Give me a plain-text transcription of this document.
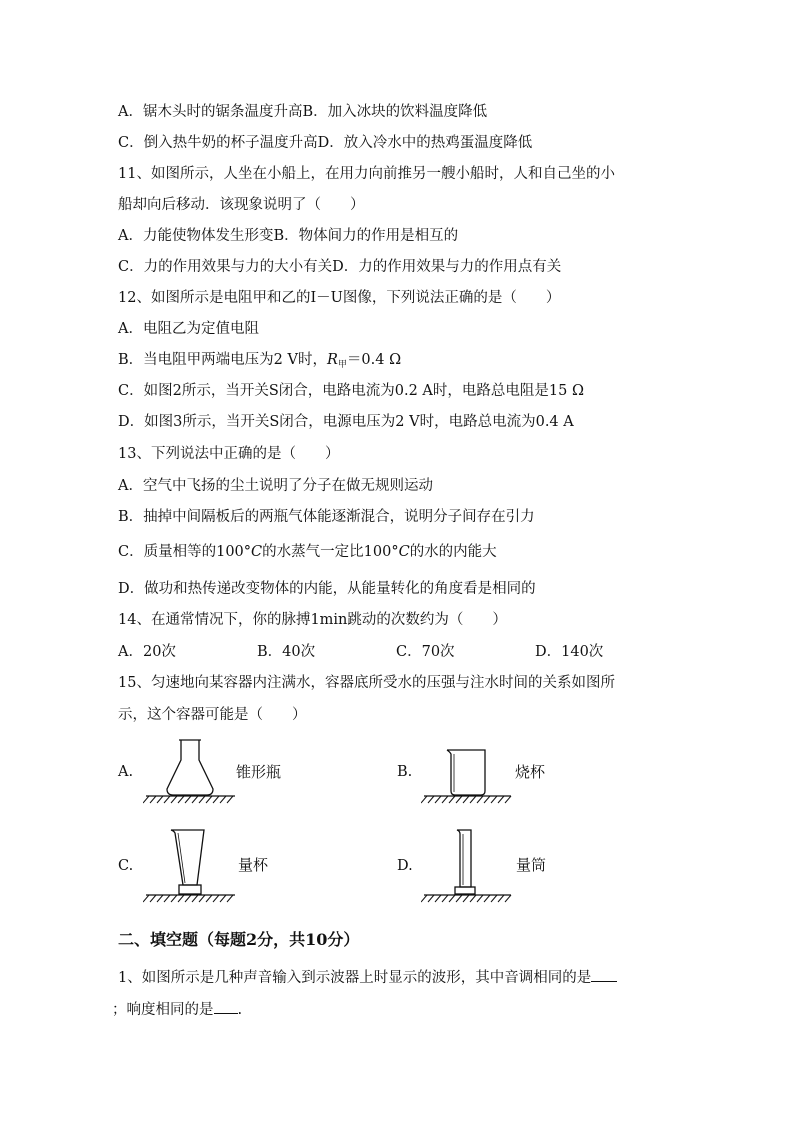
A．锯木头时的锯条温度升高B．加入冰块的饮料温度降低
C．倒入热牛奶的杯子温度升高D．放入冷水中的热鸡蛋温度降低
11、如图所示，人坐在小船上，在用力向前推另一艘小船时，人和自己坐的小
船却向后移动．该现象说明了（　　）
A．力能使物体发生形变B．物体间力的作用是相互的
C．力的作用效果与力的大小有关D．力的作用效果与力的作用点有关
12、如图所示是电阻甲和乙的I－U图像，下列说法正确的是（　　）
A．电阻乙为定值电阻
B．当电阻甲两端电压为2 V时，$R_甲=0.4$ Ω
C．如图2所示，当开关S闭合，电路电流为0.2 A时，电路总电阻是15 Ω
D．如图3所示，当开关S闭合，电源电压为2 V时，电路总电流为0.4 A
13、下列说法中正确的是（　　）
A．空气中飞扬的尘土说明了分子在做无规则运动
B．抽掉中间隔板后的两瓶气体能逐渐混合，说明分子间存在引力
C．质量相等的100°C的水蒸气一定比100°C的水的内能大
D．做功和热传递改变物体的内能，从能量转化的角度看是相同的
14、在通常情况下，你的脉搏1min跳动的次数约为（　　）
A．20次	B．40次	C．70次	D．140次
15、匀速地向某容器内注满水，容器底所受水的压强与注水时间的关系如图所
示，这个容器可能是（　　）
A.	锥形瓶	B.	烧杯
C.	量杯	D.	量筒
二、填空题（每题2分，共10分）
1、如图所示是几种声音输入到示波器上时显示的波形，其中音调相同的是
；响度相同的是 .
